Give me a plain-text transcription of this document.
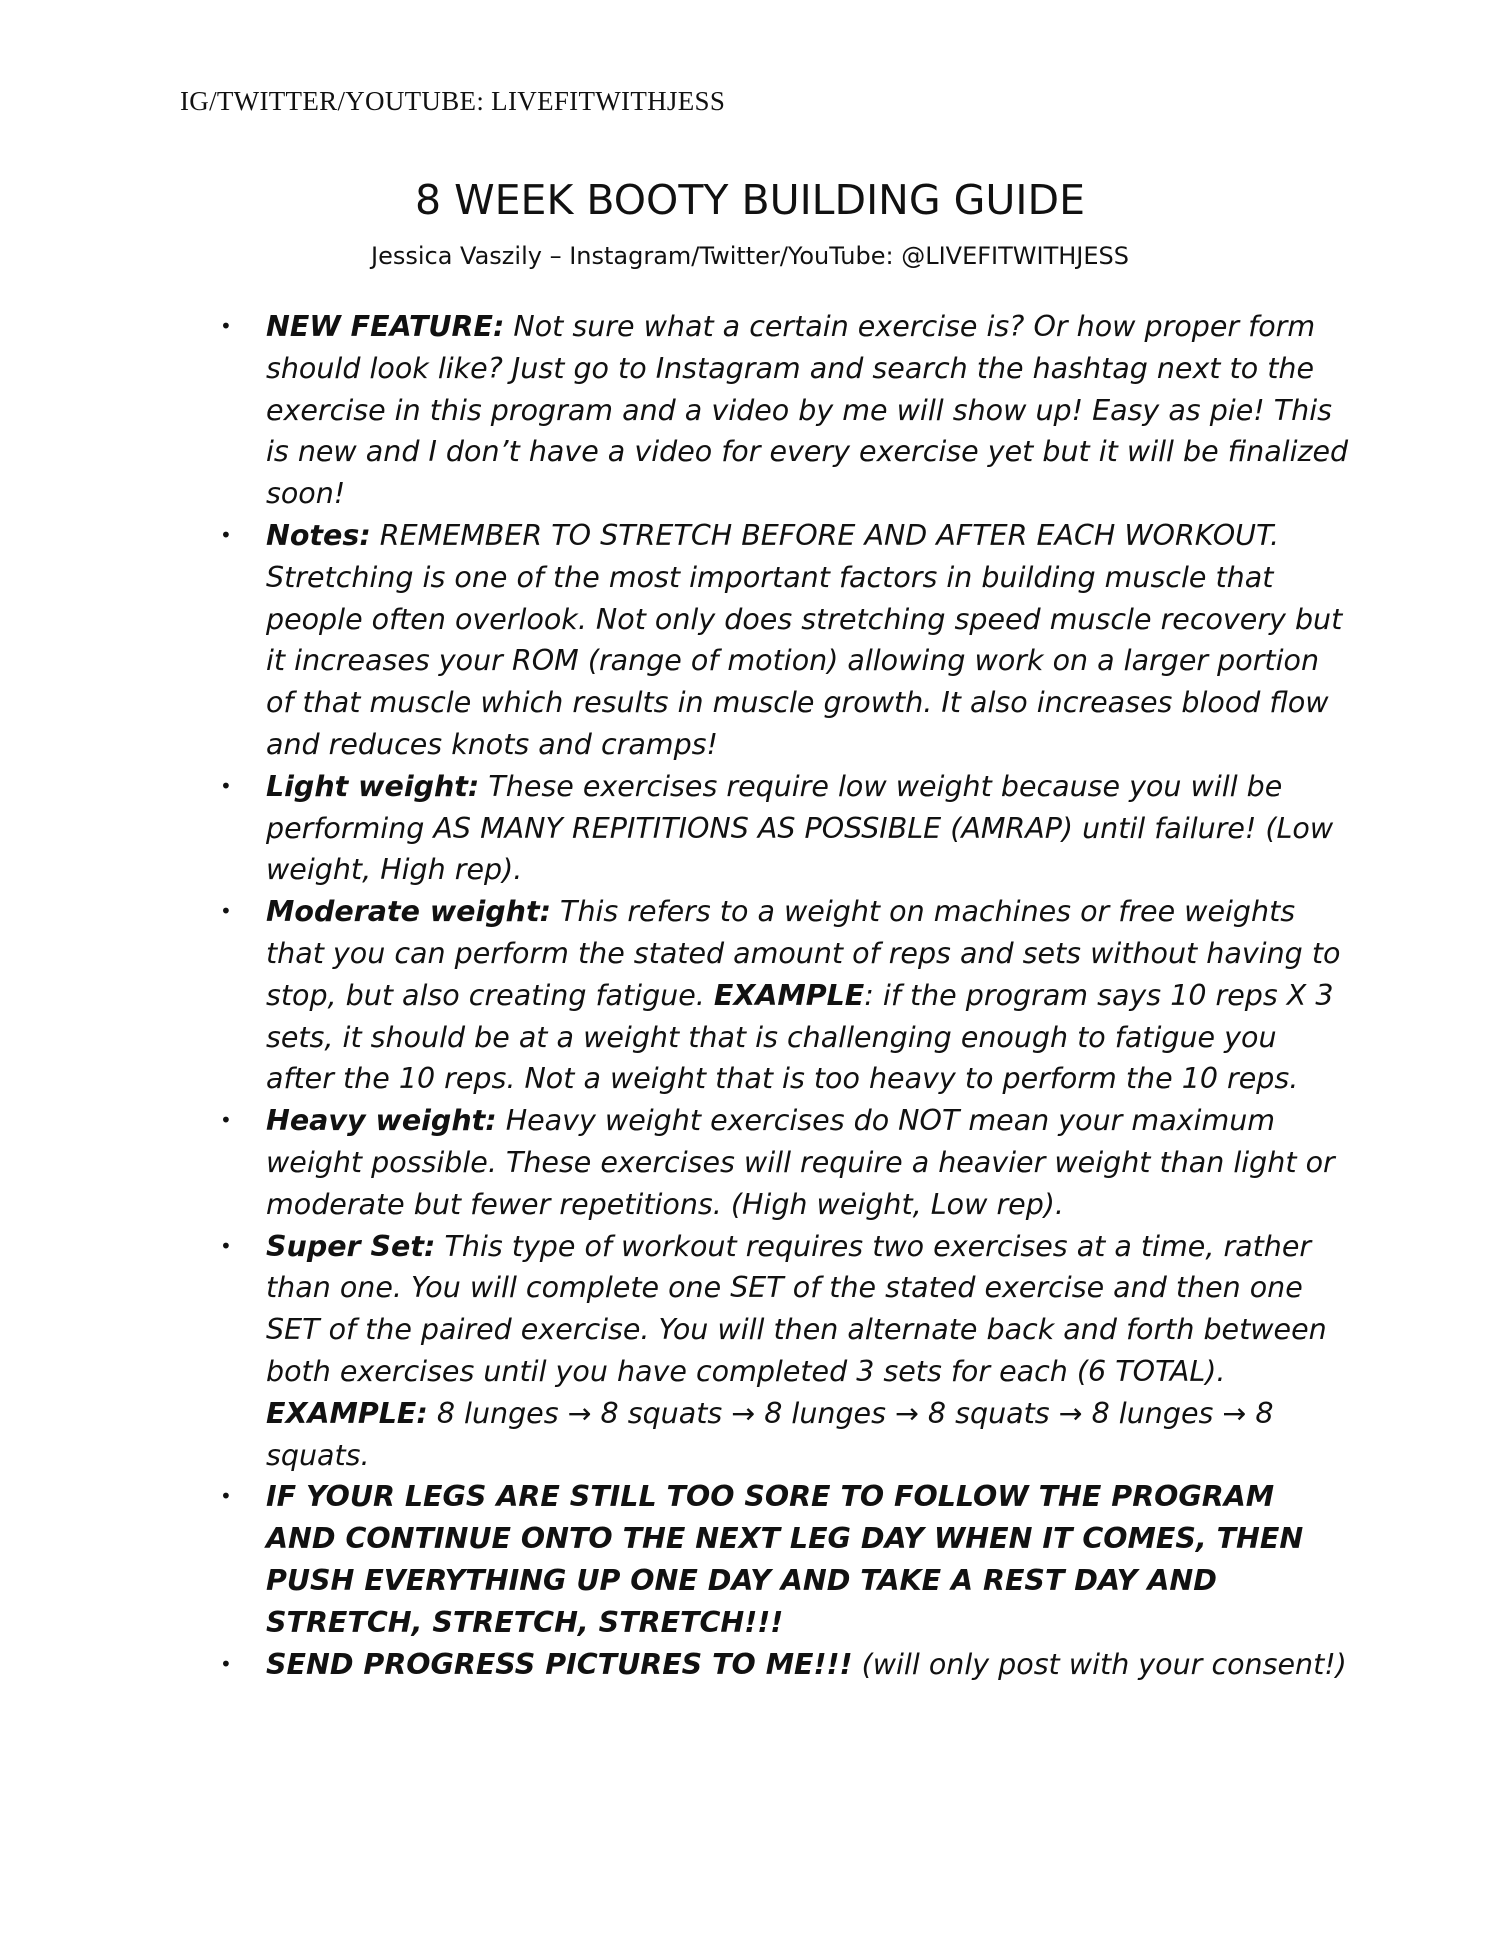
IG/TWITTER/YOUTUBE: LIVEFITWITHJESS
8 WEEK BOOTY BUILDING GUIDE
Jessica Vaszily – Instagram/Twitter/YouTube: @LIVEFITWITHJESS
• NEW FEATURE: Not sure what a certain exercise is? Or how proper form should look like? Just go to Instagram and search the hashtag next to the exercise in this program and a video by me will show up! Easy as pie! This is new and I don’t have a video for every exercise yet but it will be finalized soon!
• Notes: REMEMBER TO STRETCH BEFORE AND AFTER EACH WORKOUT. Stretching is one of the most important factors in building muscle that people often overlook. Not only does stretching speed muscle recovery but it increases your ROM (range of motion) allowing work on a larger portion of that muscle which results in muscle growth. It also increases blood flow and reduces knots and cramps!
• Light weight: These exercises require low weight because you will be performing AS MANY REPITITIONS AS POSSIBLE (AMRAP) until failure! (Low weight, High rep).
• Moderate weight: This refers to a weight on machines or free weights that you can perform the stated amount of reps and sets without having to stop, but also creating fatigue. EXAMPLE: if the program says 10 reps X 3 sets, it should be at a weight that is challenging enough to fatigue you after the 10 reps. Not a weight that is too heavy to perform the 10 reps.
• Heavy weight: Heavy weight exercises do NOT mean your maximum weight possible. These exercises will require a heavier weight than light or moderate but fewer repetitions. (High weight, Low rep).
• Super Set: This type of workout requires two exercises at a time, rather than one. You will complete one SET of the stated exercise and then one SET of the paired exercise. You will then alternate back and forth between both exercises until you have completed 3 sets for each (6 TOTAL). EXAMPLE: 8 lunges → 8 squats → 8 lunges → 8 squats → 8 lunges → 8 squats.
• IF YOUR LEGS ARE STILL TOO SORE TO FOLLOW THE PROGRAM AND CONTINUE ONTO THE NEXT LEG DAY WHEN IT COMES, THEN PUSH EVERYTHING UP ONE DAY AND TAKE A REST DAY AND STRETCH, STRETCH, STRETCH!!!
• SEND PROGRESS PICTURES TO ME!!! (will only post with your consent!)
